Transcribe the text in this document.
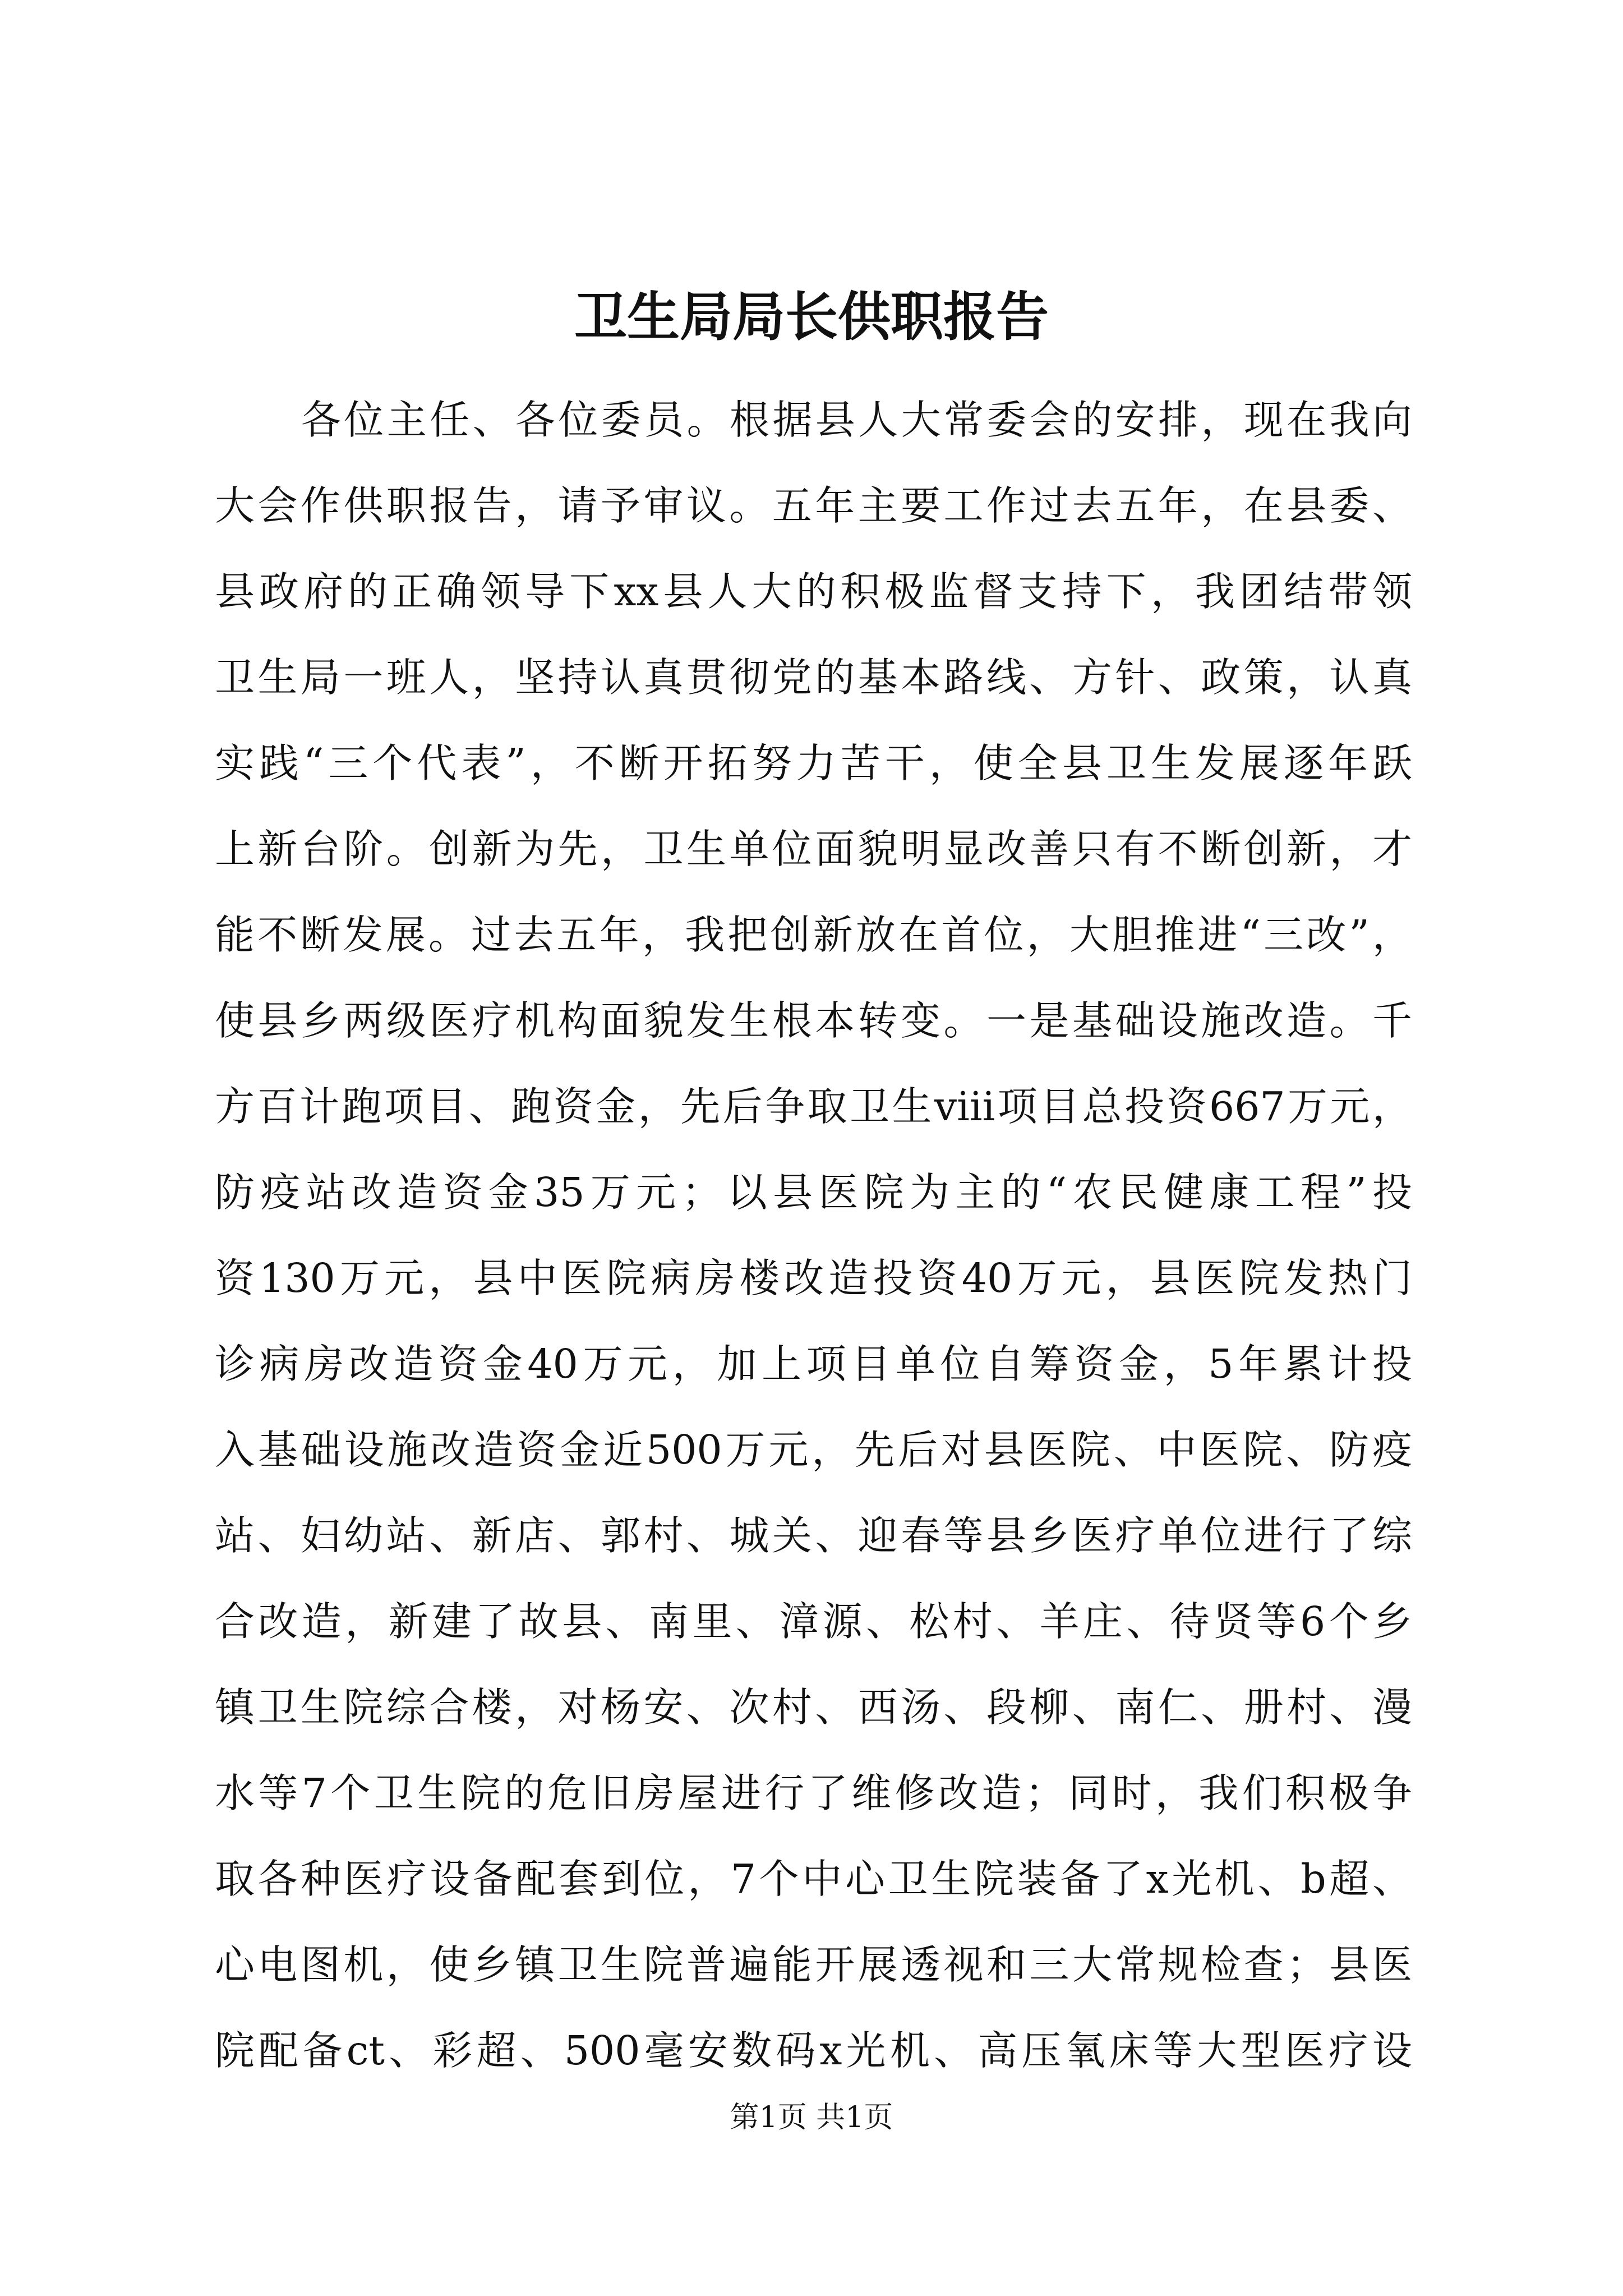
卫生局局长供职报告
各位主任、各位委员。根据县人大常委会的安排，现在我向
大会作供职报告，请予审议。五年主要工作过去五年，在县委、
县政府的正确领导下xx县人大的积极监督支持下，我团结带领
卫生局一班人，坚持认真贯彻党的基本路线、方针、政策，认真
实践“三个代表”，不断开拓努力苦干，使全县卫生发展逐年跃
上新台阶。创新为先，卫生单位面貌明显改善只有不断创新，才
能不断发展。过去五年，我把创新放在首位，大胆推进“三改”，
使县乡两级医疗机构面貌发生根本转变。一是基础设施改造。千
方百计跑项目、跑资金，先后争取卫生ⅷ项目总投资667万元，
防疫站改造资金35万元；以县医院为主的“农民健康工程”投
资130万元，县中医院病房楼改造投资40万元，县医院发热门
诊病房改造资金40万元，加上项目单位自筹资金，5年累计投
入基础设施改造资金近500万元，先后对县医院、中医院、防疫
站、妇幼站、新店、郭村、城关、迎春等县乡医疗单位进行了综
合改造，新建了故县、南里、漳源、松村、羊庄、待贤等6个乡
镇卫生院综合楼，对杨安、次村、西汤、段柳、南仁、册村、漫
水等7个卫生院的危旧房屋进行了维修改造；同时，我们积极争
取各种医疗设备配套到位，7个中心卫生院装备了x光机、b超、
心电图机，使乡镇卫生院普遍能开展透视和三大常规检查；县医
院配备ct、彩超、500毫安数码x光机、高压氧床等大型医疗设
第1页 共1页
